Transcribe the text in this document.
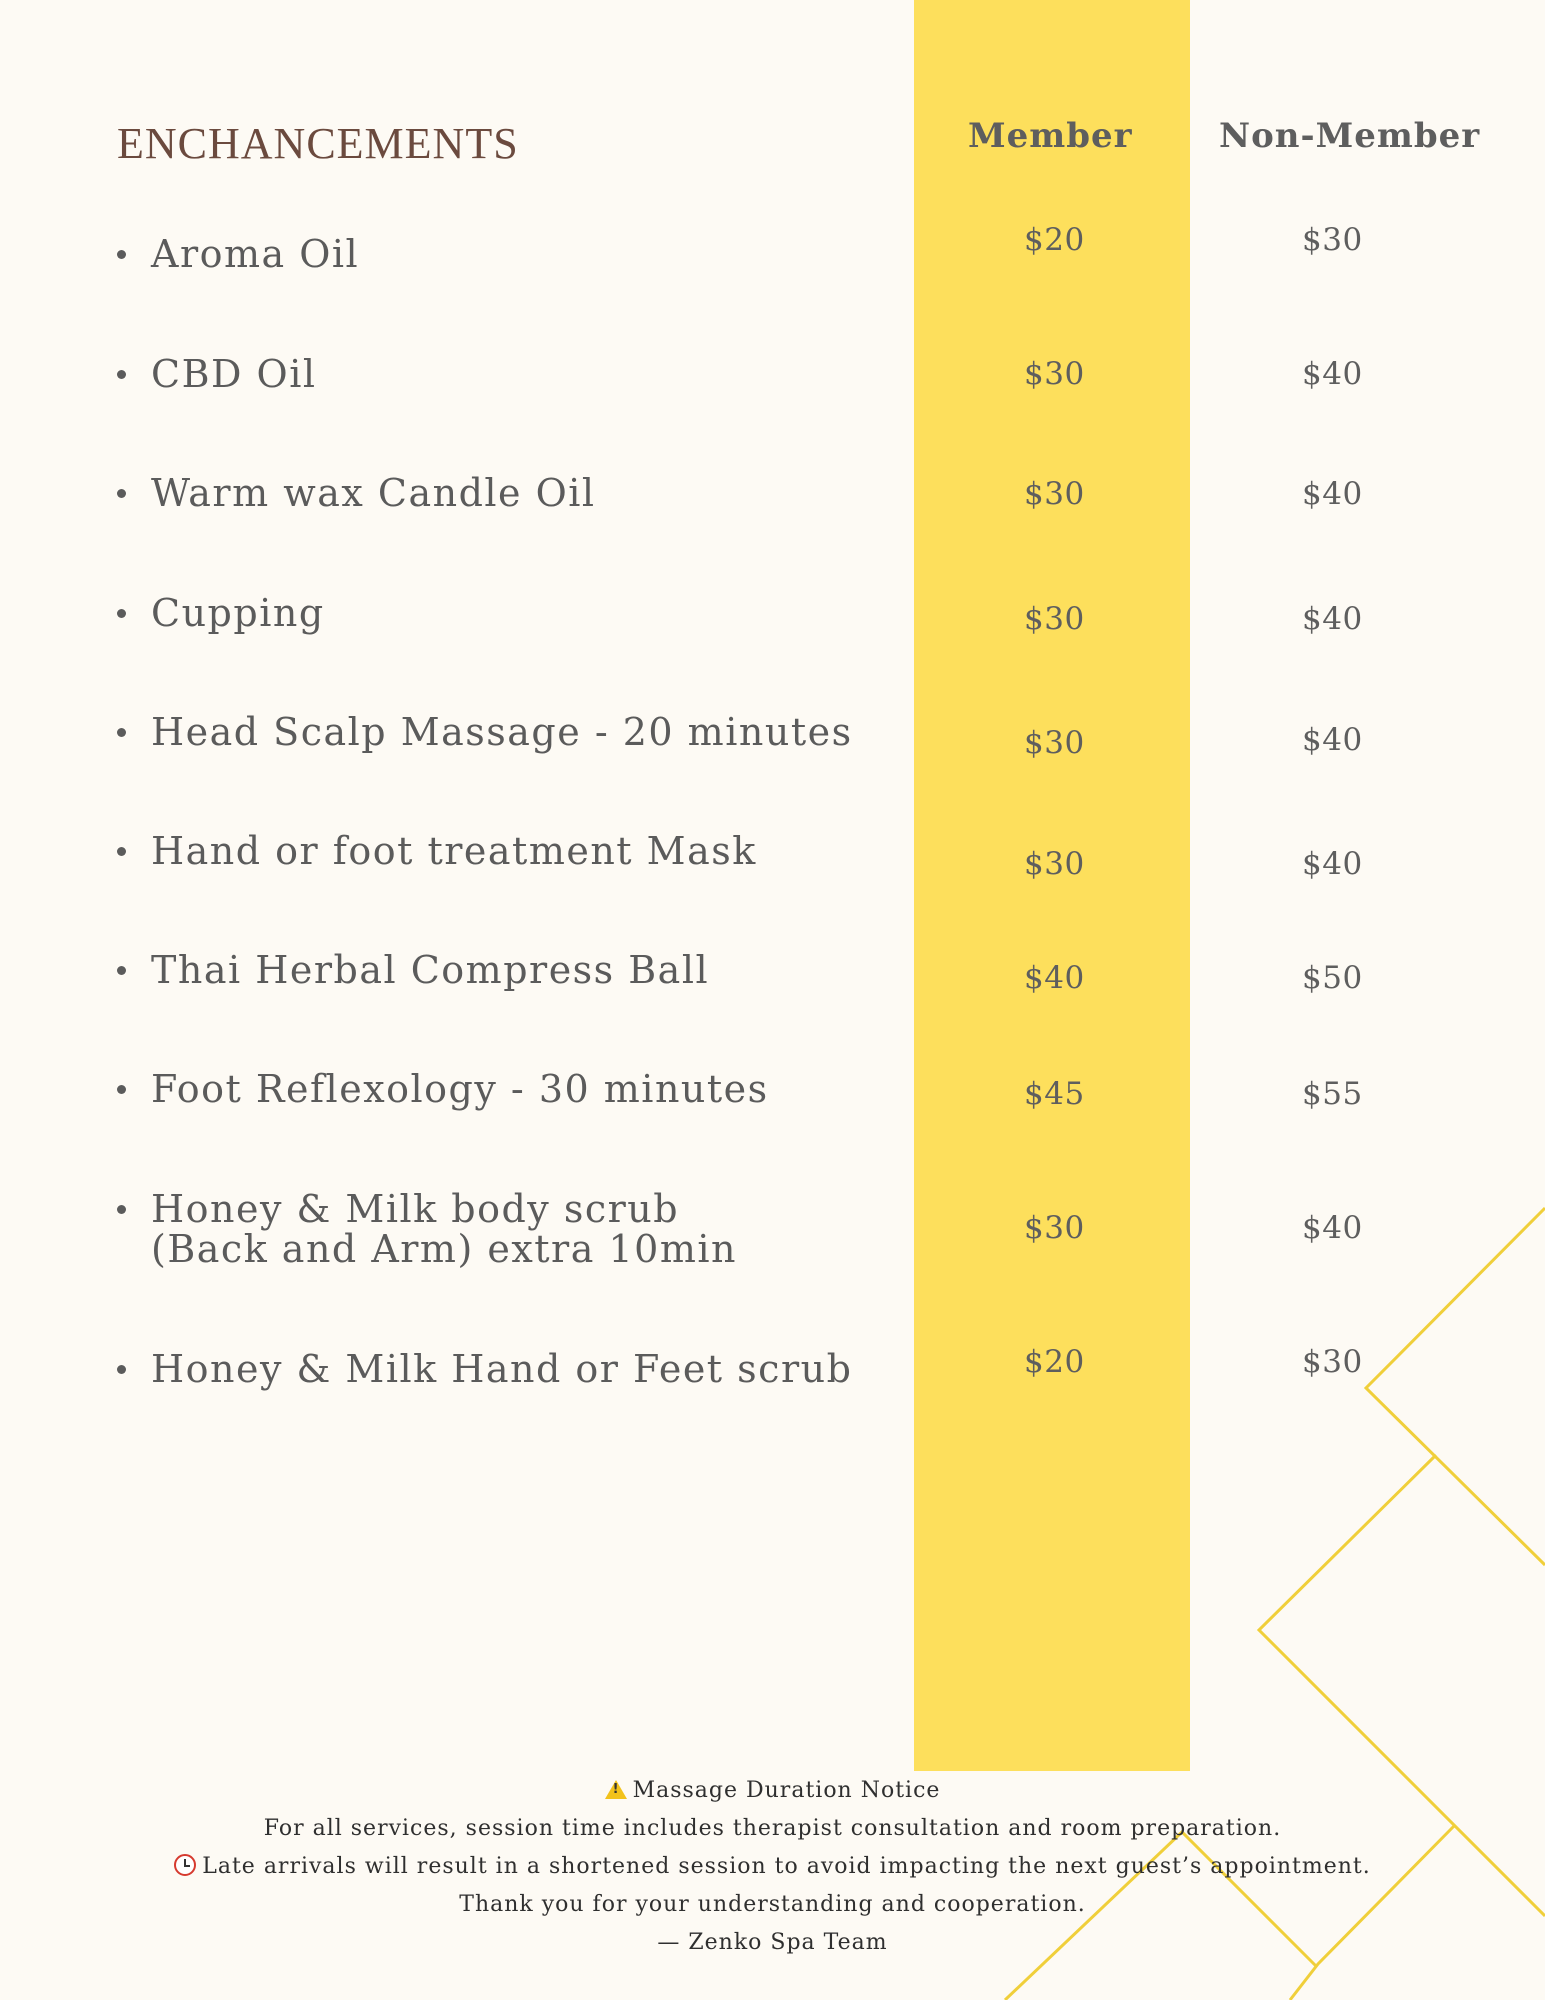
ENCHANCEMENTS	Member	Non-Member
Aroma Oil	$20	$30
CBD Oil	$30	$40
Warm wax Candle Oil	$30	$40
Cupping	$30	$40
Head Scalp Massage - 20 minutes	$30	$40
Hand or foot treatment Mask	$30	$40
Thai Herbal Compress Ball	$40	$50
Foot Reflexology - 30 minutes	$45	$55
Honey & Milk body scrub
(Back and Arm) extra 10min	$30	$40
Honey & Milk Hand or Feet scrub	$20	$30
!Massage Duration Notice
For all services, session time includes therapist consultation and room preparation.
Late arrivals will result in a shortened session to avoid impacting the next guest’s appointment.
Thank you for your understanding and cooperation.
— Zenko Spa Team
